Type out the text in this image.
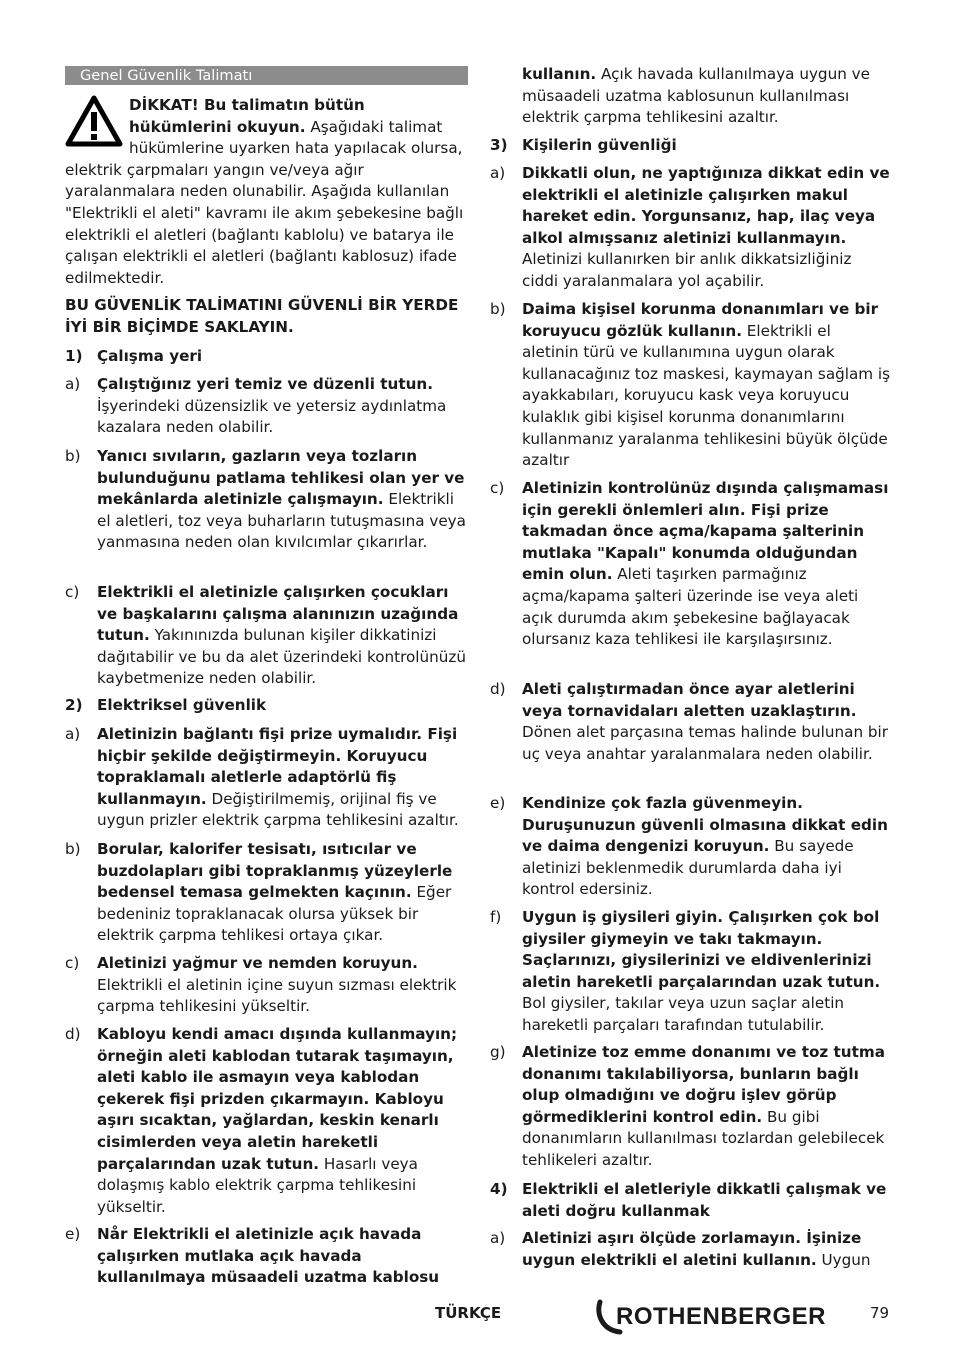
Genel Güvenlik Talimatı
DİKKAT! Bu talimatın bütün hükümlerini okuyun. Aşağıdaki talimat hükümlerine uyarken hata yapılacak olursa, elektrik çarpmaları yangın ve/veya ağır yaralanmalara neden olunabilir. Aşağıda kullanılan "Elektrikli el aleti" kavramı ile akım şebekesine bağlı elektrikli el aletleri (bağlantı kablolu) ve batarya ile çalışan elektrikli el aletleri (bağlantı kablosuz) ifade edilmektedir.
BU GÜVENLİK TALİMATINI GÜVENLİ BİR YERDE İYİ BİR BİÇİMDE SAKLAYIN.
1) Çalışma yeri
a) Çalıştığınız yeri temiz ve düzenli tutun. İşyerindeki düzensizlik ve yetersiz aydınlatma kazalara neden olabilir.
b) Yanıcı sıvıların, gazların veya tozların bulunduğunu patlama tehlikesi olan yer ve mekânlarda aletinizle çalışmayın. Elektrikli el aletleri, toz veya buharların tutuşmasına veya yanmasına neden olan kıvılcımlar çıkarırlar.
c) Elektrikli el aletinizle çalışırken çocukları ve başkalarını çalışma alanınızın uzağında tutun. Yakınınızda bulunan kişiler dikkatinizi dağıtabilir ve bu da alet üzerindeki kontrolünüzü kaybetmenize neden olabilir.
2) Elektriksel güvenlik
a) Aletinizin bağlantı fişi prize uymalıdır. Fişi hiçbir şekilde değiştirmeyin. Koruyucu topraklamalı aletlerle adaptörlü fiş kullanmayın. Değiştirilmemiş, orijinal fiş ve uygun prizler elektrik çarpma tehlikesini azaltır.
b) Borular, kalorifer tesisatı, ısıtıcılar ve buzdolapları gibi topraklanmış yüzeylerle bedensel temasa gelmekten kaçının. Eğer bedeniniz topraklanacak olursa yüksek bir elektrik çarpma tehlikesi ortaya çıkar.
c) Aletinizi yağmur ve nemden koruyun. Elektrikli el aletinin içine suyun sızması elektrik çarpma tehlikesini yükseltir.
d) Kabloyu kendi amacı dışında kullanmayın; örneğin aleti kablodan tutarak taşımayın, aleti kablo ile asmayın veya kablodan çekerek fişi prizden çıkarmayın. Kabloyu aşırı sıcaktan, yağlardan, keskin kenarlı cisimlerden veya aletin hareketli parçalarından uzak tutun. Hasarlı veya dolaşmış kablo elektrik çarpma tehlikesini yükseltir.
e) Når Elektrikli el aletinizle açık havada çalışırken mutlaka açık havada kullanılmaya müsaadeli uzatma kablosu
3) Kişilerin güvenliği
a) Dikkatli olun, ne yaptığınıza dikkat edin ve elektrikli el aletinizle çalışırken makul hareket edin. Yorgunsanız, hap, ilaç veya alkol almışsanız aletinizi kullanmayın. Aletinizi kullanırken bir anlık dikkatsizliğiniz ciddi yaralanmalara yol açabilir.
b) Daima kişisel korunma donanımları ve bir koruyucu gözlük kullanın. Elektrikli el aletinin türü ve kullanımına uygun olarak kullanacağınız toz maskesi, kaymayan sağlam iş ayakkabıları, koruyucu kask veya koruyucu kulaklık gibi kişisel korunma donanımlarını kullanmanız yaralanma tehlikesini büyük ölçüde azaltır
c) Aletinizin kontrolünüz dışında çalışmaması için gerekli önlemleri alın. Fişi prize takmadan önce açma/kapama şalterinin mutlaka "Kapalı" konumda olduğundan emin olun. Aleti taşırken parmağınız açma/kapama şalteri üzerinde ise veya aleti açık durumda akım şebekesine bağlayacak olursanız kaza tehlikesi ile karşılaşırsınız.
d) Aleti çalıştırmadan önce ayar aletlerini veya tornavidaları aletten uzaklaştırın. Dönen alet parçasına temas halinde bulunan bir uç veya anahtar yaralanmalara neden olabilir.
e) Kendinize çok fazla güvenmeyin. Duruşunuzun güvenli olmasına dikkat edin ve daima dengenizi koruyun. Bu sayede aletinizi beklenmedik durumlarda daha iyi kontrol edersiniz.
f) Uygun iş giysileri giyin. Çalışırken çok bol giysiler giymeyin ve takı takmayın. Saçlarınızı, giysilerinizi ve eldivenlerinizi aletin hareketli parçalarından uzak tutun. Bol giysiler, takılar veya uzun saçlar aletin hareketli parçaları tarafından tutulabilir.
g) Aletinize toz emme donanımı ve toz tutma donanımı takılabiliyorsa, bunların bağlı olup olmadığını ve doğru işlev görüp görmediklerini kontrol edin. Bu gibi donanımların kullanılması tozlardan gelebilecek tehlikeleri azaltır.
4) Elektrikli el aletleriyle dikkatli çalışmak ve
aleti doğru kullanmak
a) Aletinizi aşırı ölçüde zorlamayın. İşinize uygun elektrikli el aletini kullanın. Uygun
kullanın. Açık havada kullanılmaya uygun ve müsaadeli uzatma kablosunun kullanılması elektrik çarpma tehlikesini azaltır.
TÜRKÇE	ROTHENBERGER	79
